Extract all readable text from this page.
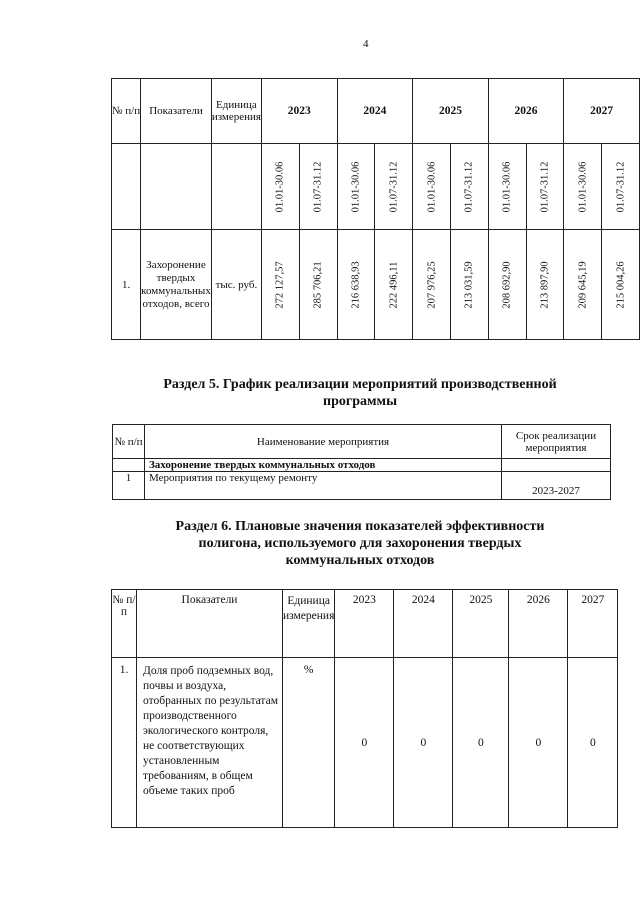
4
№ п/п	Показатели	Единица измерения	2023		2024		2025		2026		2027	

			01.01-30.06	01.07-31.12	01.01-30.06	01.07-31.12	01.01-30.06	01.07-31.12	01.01-30.06	01.07-31.12	01.01-30.06	01.07-31.12

1.	Захоронение твердых коммунальных отходов, всего	тыс. руб.	272 127,57	285 706,21	216 638,93	222 496,11	207 976,25	213 031,59	208 692,90	213 897,90	209 645,19	215 004,26
Раздел 5. График реализации мероприятий производственной программы
№ п/п	Наименование мероприятия	Срок реализации мероприятия
	Захоронение твердых коммунальных отходов	
1	Мероприятия по текущему ремонту	2023-2027
Раздел 6. Плановые значения показателей эффективности полигона, используемого для захоронения твердых коммунальных отходов
№ п/п	Показатели	Единица измерения	2023	2024	2025	2026	2027
1.	Доля проб подземных вод, почвы и воздуха, отобранных по результатам производственного экологического контроля, не соответствующих установленным требованиям, в общем объеме таких проб	%	0	0	0	0	0
